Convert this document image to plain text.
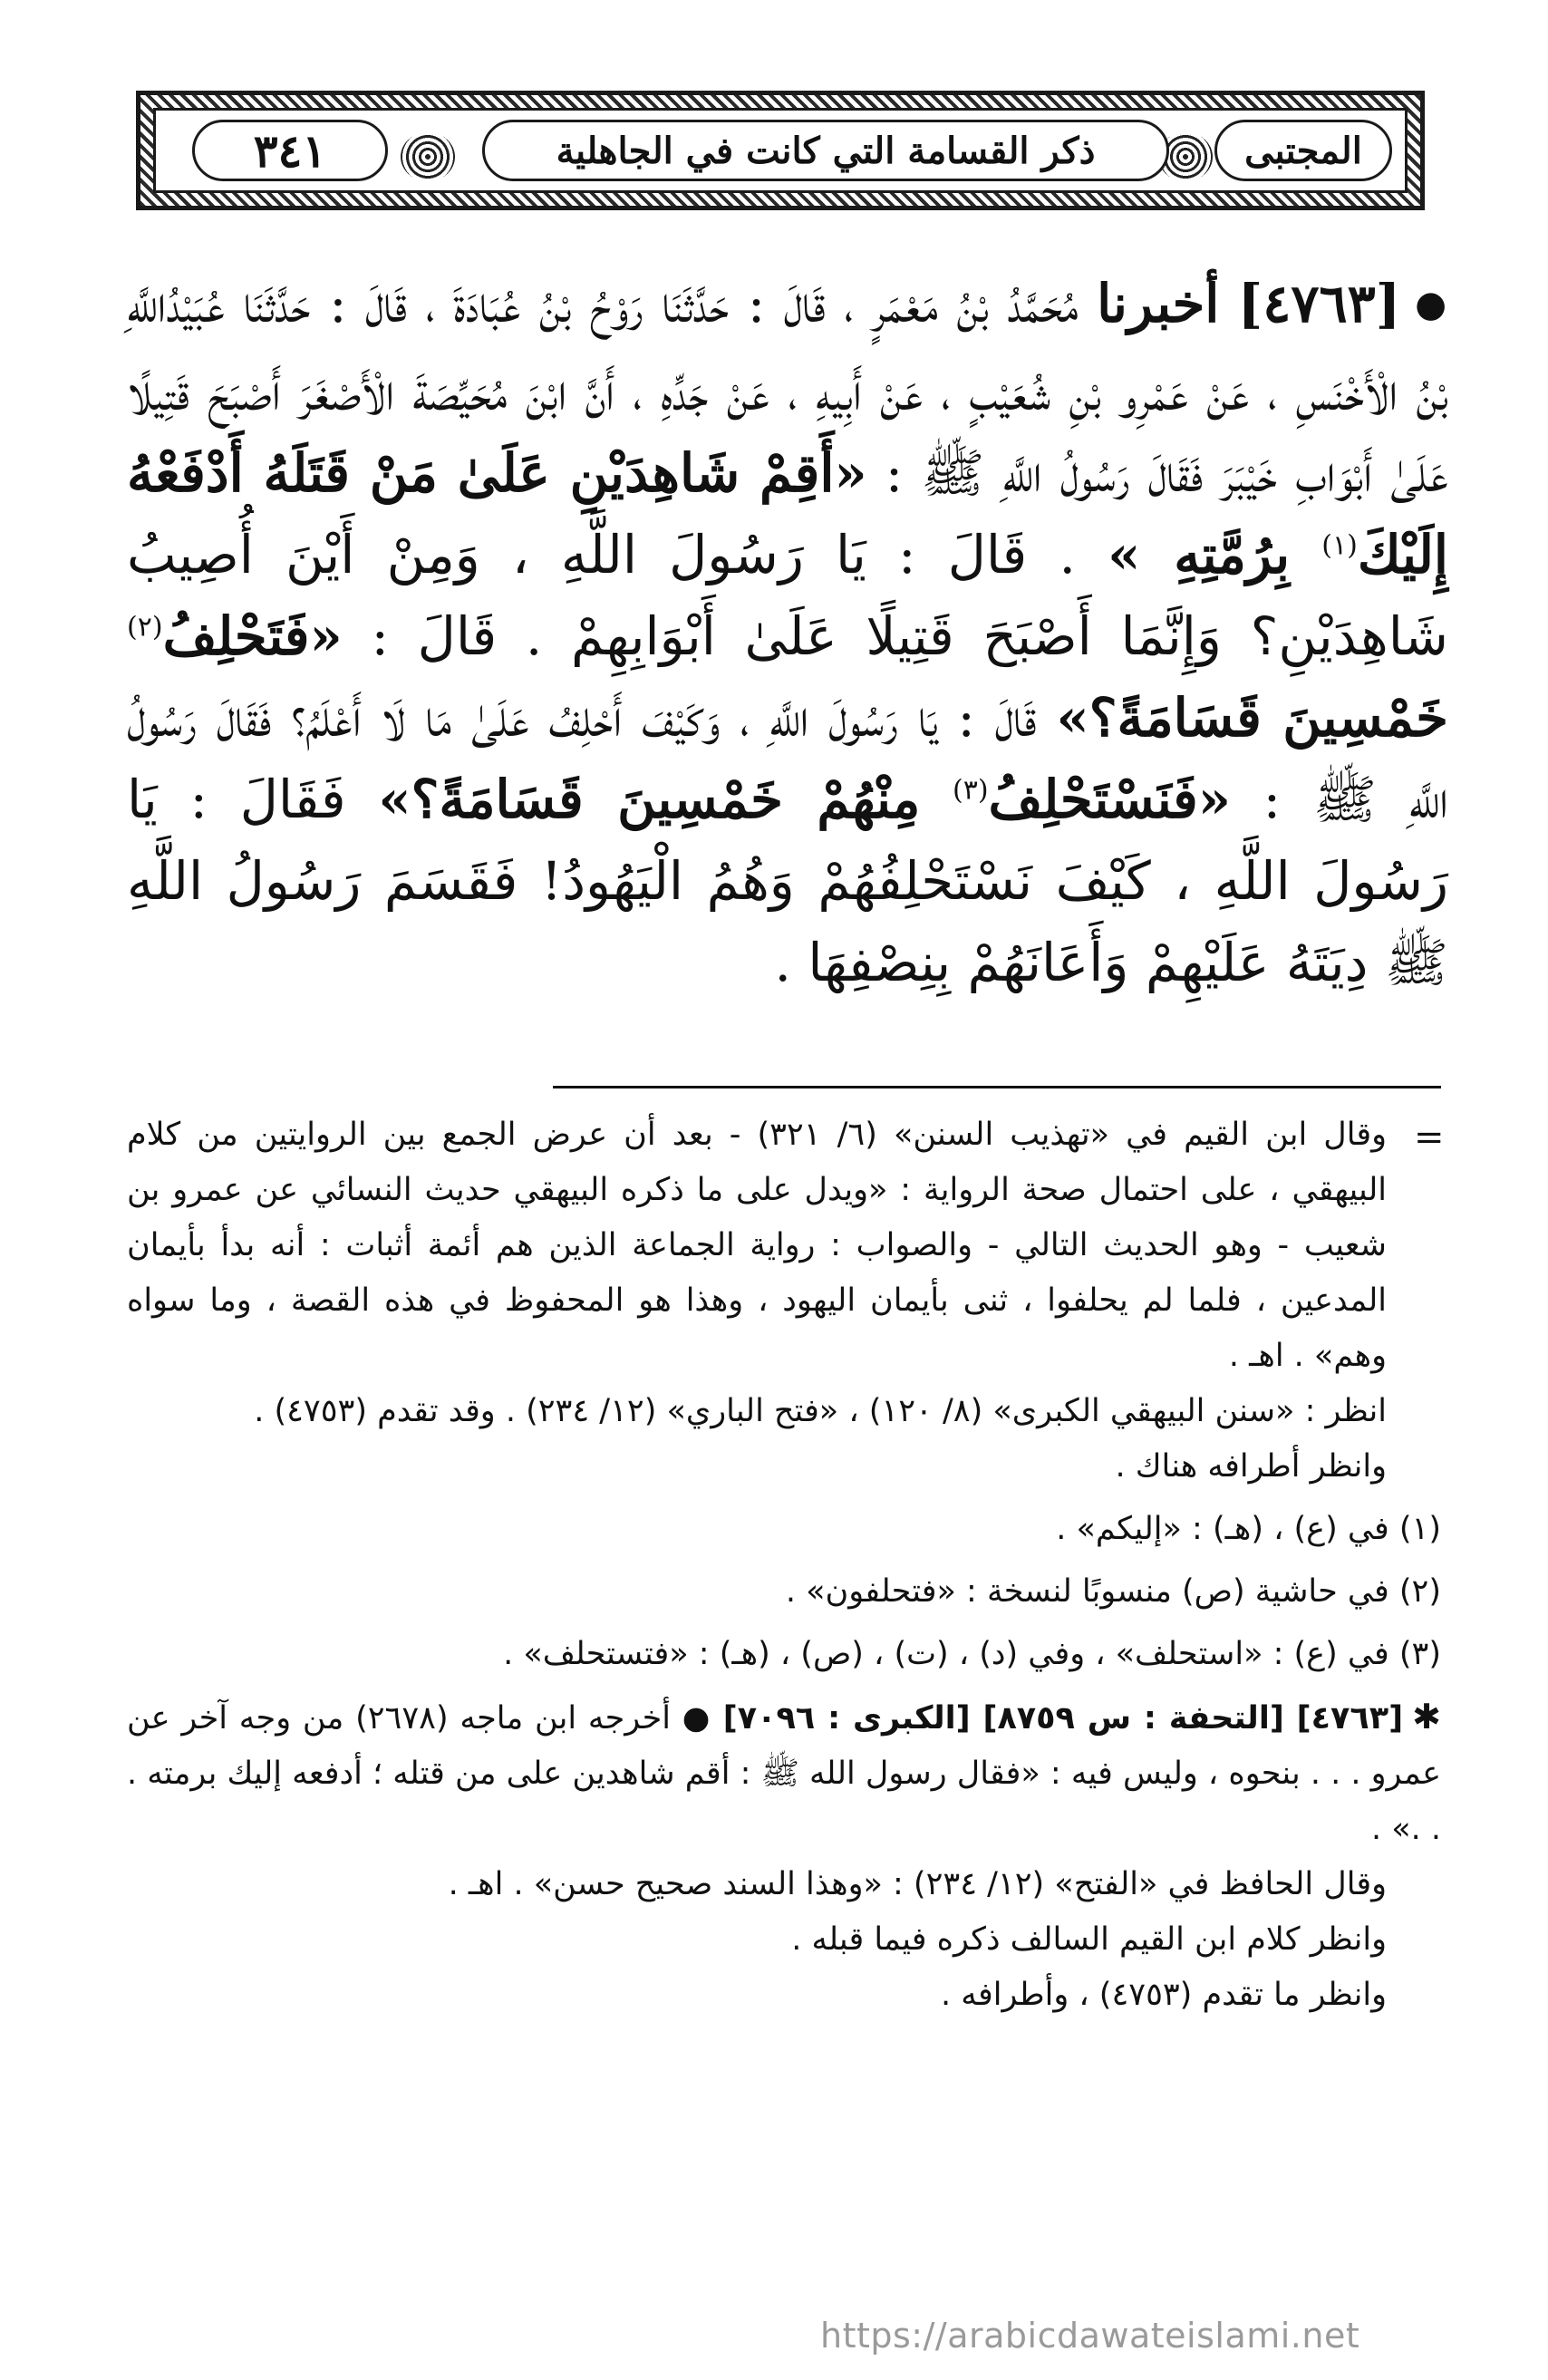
المجتبى
ذكر القسامة التي كانت في الجاهلية
٣٤١

●[٤٧٦٣] أخبرنا مُحَمَّدُ بْنُ مَعْمَرٍ ، قَالَ : حَدَّثَنَا رَوْحُ بْنُ عُبَادَةَ ، قَالَ : حَدَّثَنَا عُبَيْدُاللَّهِ بْنُ الْأَخْنَسِ ، عَنْ عَمْرِو بْنِ شُعَيْبٍ ، عَنْ أَبِيهِ ، عَنْ جَدِّهِ ، أَنَّ ابْنَ مُحَيِّصَةَ الْأَصْغَرَ أَصْبَحَ قَتِيلًا عَلَىٰ أَبْوَابِ خَيْبَرَ فَقَالَ رَسُولُ اللَّهِ ﷺ : «أَقِمْ شَاهِدَيْنِ عَلَىٰ مَنْ قَتَلَهُ أَدْفَعْهُ إِلَيْكَ$^{(١)}$ بِرُمَّتِهِ » . قَالَ : يَا رَسُولَ اللَّهِ ، وَمِنْ أَيْنَ أُصِيبُ شَاهِدَيْنِ؟ وَإِنَّمَا أَصْبَحَ قَتِيلًا عَلَىٰ أَبْوَابِهِمْ . قَالَ : «فَتَحْلِفُ$^{(٢)}$ خَمْسِينَ قَسَامَةً؟» قَالَ : يَا رَسُولَ اللَّهِ ، وَكَيْفَ أَحْلِفُ عَلَىٰ مَا لَا أَعْلَمُ؟ فَقَالَ رَسُولُ اللَّهِ ﷺ : «فَنَسْتَحْلِفُ$^{(٣)}$ مِنْهُمْ خَمْسِينَ قَسَامَةً؟» فَقَالَ : يَا رَسُولَ اللَّهِ ، كَيْفَ نَسْتَحْلِفُهُمْ وَهُمُ الْيَهُودُ! فَقَسَمَ رَسُولُ اللَّهِ ﷺ دِيَتَهُ عَلَيْهِمْ وَأَعَانَهُمْ بِنِصْفِهَا .

=

وقال ابن القيم في «تهذيب السنن» (٦/ ٣٢١) - بعد أن عرض الجمع بين الروايتين من كلام البيهقي ، على احتمال صحة الرواية : «ويدل على ما ذكره البيهقي حديث النسائي عن عمرو بن شعيب - وهو الحديث التالي - والصواب : رواية الجماعة الذين هم أئمة أثبات : أنه بدأ بأيمان المدعين ، فلما لم يحلفوا ، ثنى بأيمان اليهود ، وهذا هو المحفوظ في هذه القصة ، وما سواه وهم» . اهـ .

انظر : «سنن البيهقي الكبرى» (٨/ ١٢٠) ، «فتح الباري» (١٢/ ٢٣٤) . وقد تقدم (٤٧٥٣) .

وانظر أطرافه هناك .

(١) في (ع) ، (هـ) : «إليكم» .

(٢) في حاشية (ص) منسوبًا لنسخة : «فتحلفون» .

(٣) في (ع) : «استحلف» ، وفي (د) ، (ت) ، (ص) ، (هـ) : «فتستحلف» .

✱[٤٧٦٣] [التحفة : س ٨٧٥٩] [الكبرى : ٧٠٩٦] ● أخرجه ابن ماجه (٢٦٧٨) من وجه آخر عن عمرو . . . بنحوه ، وليس فيه : «فقال رسول الله ﷺ : أقم شاهدين على من قتله ؛ أدفعه إليك برمته . . .» .

وقال الحافظ في «الفتح» (١٢/ ٢٣٤) : «وهذا السند صحيح حسن» . اهـ .

وانظر كلام ابن القيم السالف ذكره فيما قبله .

وانظر ما تقدم (٤٧٥٣) ، وأطرافه .

https://arabicdawateislami.net
